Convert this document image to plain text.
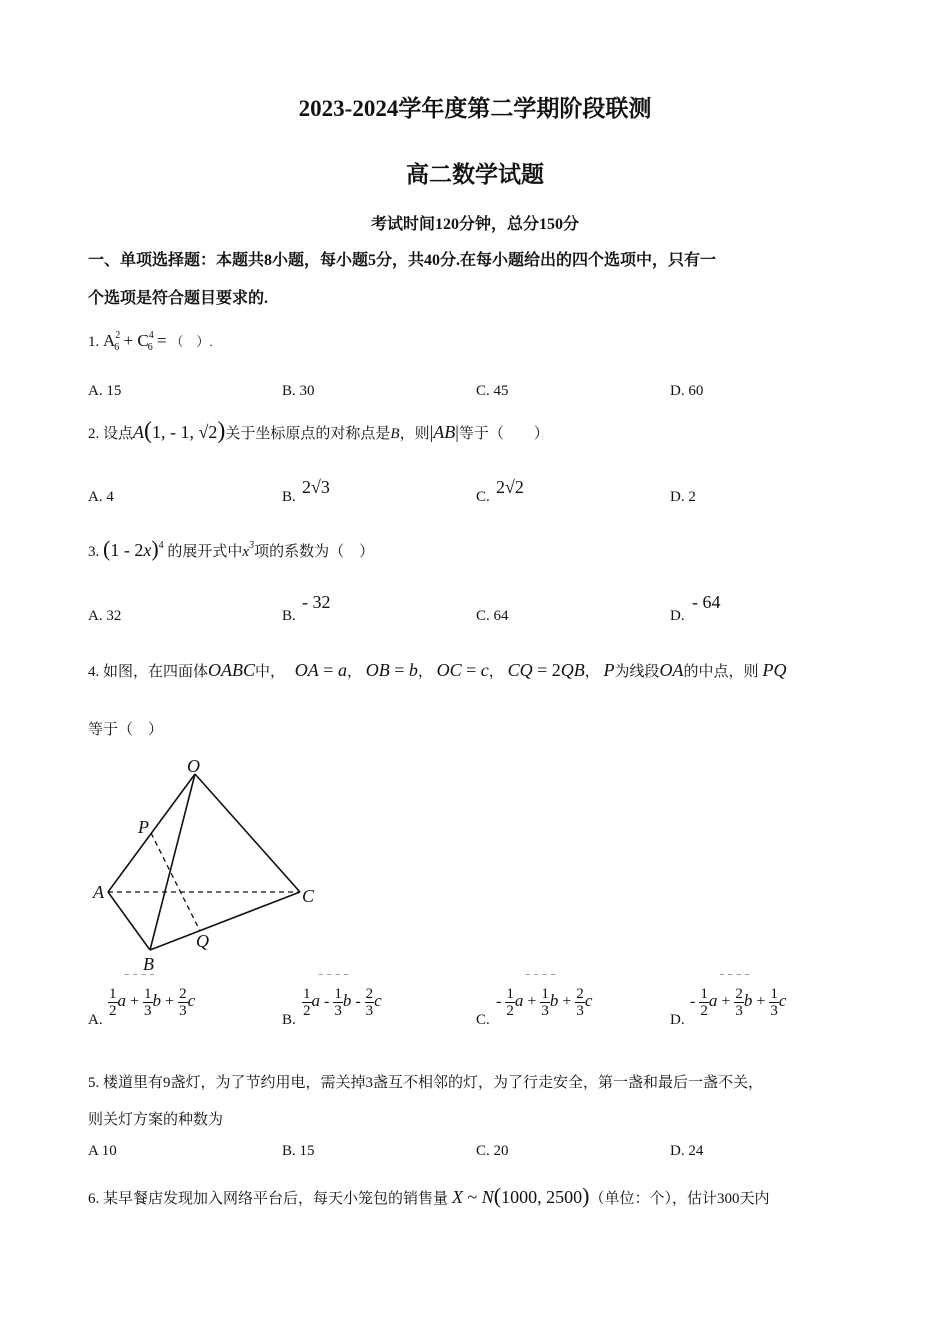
2023-2024学年度第二学期阶段联测
高二数学试题
考试时间120分钟，总分150分
一、单项选择题：本题共8小题，每小题5分，共40分.在每小题给出的四个选项中，只有一
个选项是符合题目要求的.
1. $A^2_6 + C^4_6$ = （　）.
A. 15	B. 30	C. 45	D. 60
2. 设点A(1, - 1, √2)关于坐标原点的对称点是B，则|AB|等于（　　）
A. 4	B. 2√3	C. 2√2	D. 2
3. (1 - 2x)$^4$ 的展开式中$x^3$项的系数为（　）
A. 32	B.
- 32
C. 64	D.
- 64
4. 如图，在四面体OABC中， OA = a， OB = b， OC = c， CQ = 2QB， P为线段OA的中点，则 PQ
等于（　）
O
P
A	C
Q
B
A.
$\frac{1}{2}$ $a + \frac{1}{3}$ $b + \frac{2}{3}$ c
‾ ‾ ‾ ‾
B.
$\frac{1}{2}$ a - $\frac{1}{3}$ b - $\frac{2}{3}$ c
‾ ‾ ‾ ‾
C.
- $\frac{1}{2}$ $a + \frac{1}{3}$ $b + \frac{2}{3}$ c
‾ ‾ ‾ ‾
D.
- $\frac{1}{2}$ $a + \frac{2}{3}$ $b + \frac{1}{3}$ c
‾ ‾ ‾ ‾
5. 楼道里有9盏灯，为了节约用电，需关掉3盏互不相邻的灯，为了行走安全，第一盏和最后一盏不关，
则关灯方案的种数为
A 10	B. 15	C. 20	D. 24
6. 某早餐店发现加入网络平台后，每天小笼包的销售量 X ~ N(1000, 2500)（单位：个），估计300天内
